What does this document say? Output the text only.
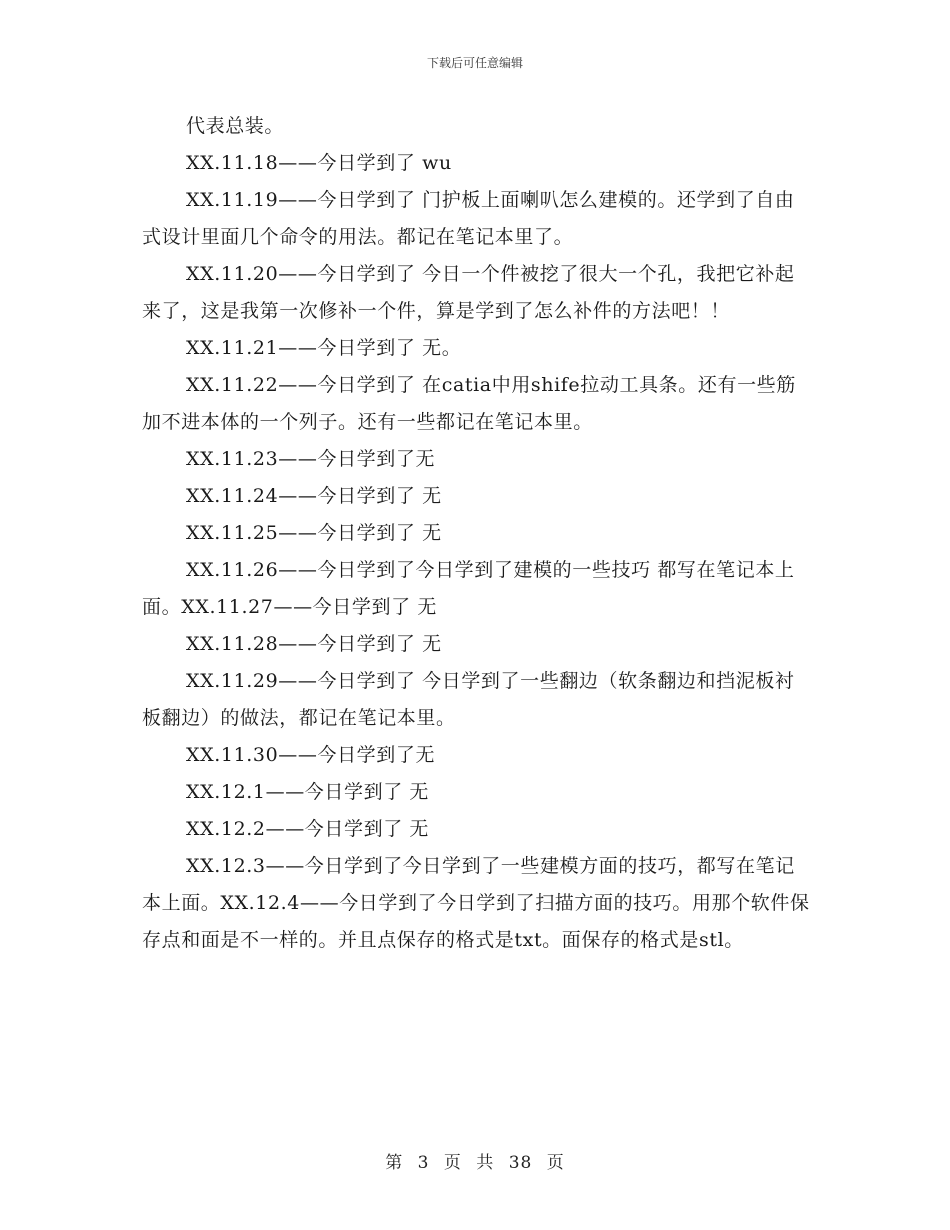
下载后可任意编辑

代表总装。

XX.11.18——今日学到了 wu

XX.11.19——今日学到了 门护板上面喇叭怎么建模的。还学到了自由式设计里面几个命令的用法。都记在笔记本里了。

XX.11.20——今日学到了 今日一个件被挖了很大一个孔，我把它补起来了，这是我第一次修补一个件，算是学到了怎么补件的方法吧！！

XX.11.21——今日学到了 无。

XX.11.22——今日学到了 在catia中用shife拉动工具条。还有一些筋加不进本体的一个列子。还有一些都记在笔记本里。

XX.11.23——今日学到了无

XX.11.24——今日学到了 无

XX.11.25——今日学到了 无

XX.11.26——今日学到了今日学到了建模的一些技巧 都写在笔记本上面。XX.11.27——今日学到了 无

XX.11.28——今日学到了 无

XX.11.29——今日学到了 今日学到了一些翻边（软条翻边和挡泥板衬板翻边）的做法，都记在笔记本里。

XX.11.30——今日学到了无

XX.12.1——今日学到了 无

XX.12.2——今日学到了 无

XX.12.3——今日学到了今日学到了一些建模方面的技巧，都写在笔记本上面。XX.12.4——今日学到了今日学到了扫描方面的技巧。用那个软件保存点和面是不一样的。并且点保存的格式是txt。面保存的格式是stl。

第 3 页 共 38 页
